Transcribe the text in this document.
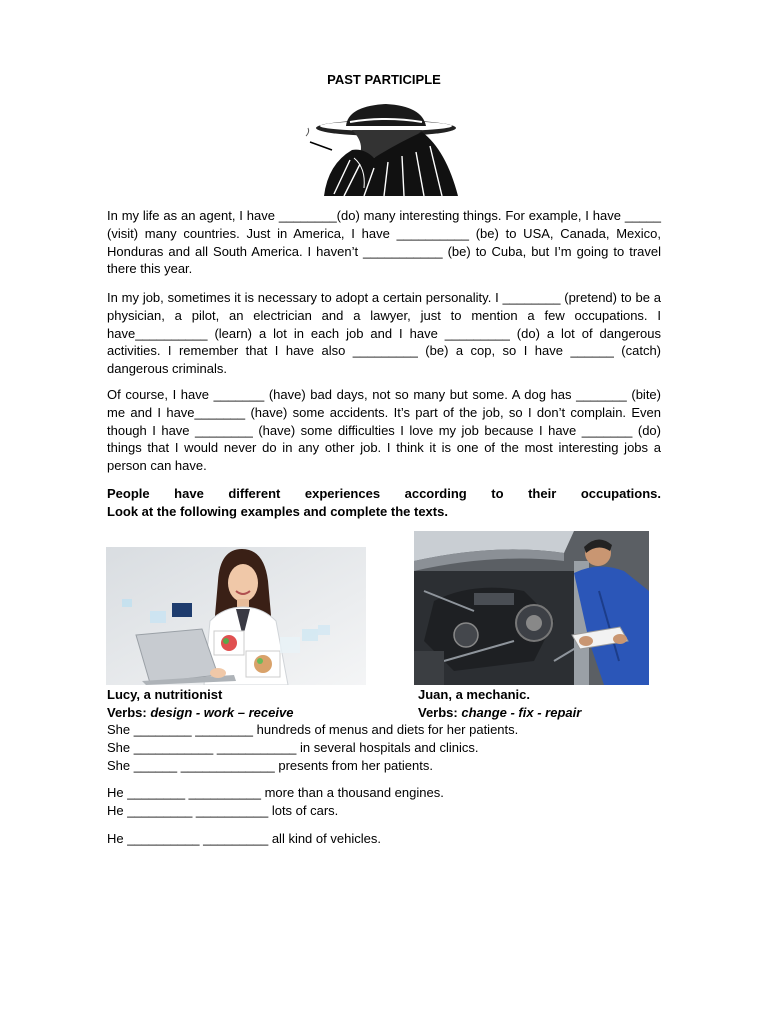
PAST PARTICIPLE

In my life as an agent, I have ________(do) many interesting things. For example, I have _____ (visit) many countries. Just in America, I have __________ (be) to USA, Canada, Mexico, Honduras and all South America. I haven’t ___________ (be) to Cuba, but I’m going to travel there this year.

In my job, sometimes it is necessary to adopt a certain personality. I ________ (pretend) to be a physician, a pilot, an electrician and a lawyer, just to mention a few occupations. I have__________ (learn) a lot in each job and I have _________ (do) a lot of dangerous activities. I remember that I have also _________ (be) a cop, so I have ______ (catch) dangerous criminals.

Of course, I have _______ (have) bad days, not so many but some. A dog has _______ (bite) me and I have_______ (have) some accidents. It’s part of the job, so I don’t complain. Even though I have ________ (have) some difficulties I love my job because I have _______ (do) things that I would never do in any other job. I think it is one of the most interesting jobs a person can have.

People have different experiences according to their occupations.
Look at the following examples and complete the texts.

Lucy, a nutritionist
Verbs: design - work – receive
Juan, a mechanic.
Verbs: change - fix - repair
She ________ ________ hundreds of menus and diets for her patients.
She ___________ ___________ in several hospitals and clinics.
She ______ _____________ presents from her patients.
He ________ __________ more than a thousand engines.
He _________ __________ lots of cars.
He __________ _________ all kind of vehicles.
